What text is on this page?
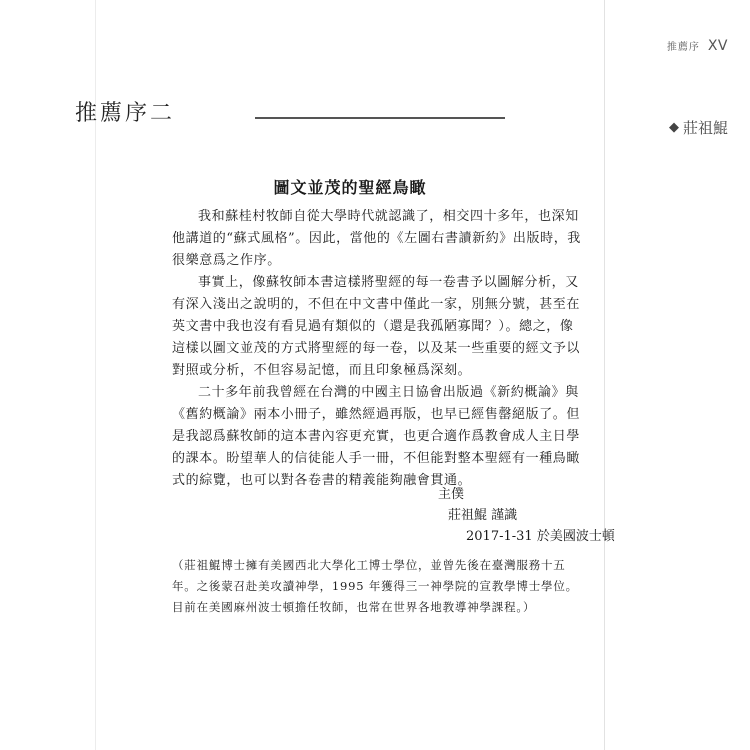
推薦序 XV
推薦序二
◆ 莊祖鯤
圖文並茂的聖經鳥瞰

我和蘇桂村牧師自從大學時代就認識了，相交四十多年，也深知他講道的“蘇式風格”。因此，當他的《左圖右書讀新約》出版時，我很樂意爲之作序。

事實上，像蘇牧師本書這樣將聖經的每一卷書予以圖解分析，又有深入淺出之說明的，不但在中文書中僅此一家，別無分號，甚至在英文書中我也沒有看見過有類似的（還是我孤陋寡聞？）。總之，像這樣以圖文並茂的方式將聖經的每一卷，以及某一些重要的經文予以對照或分析，不但容易記憶，而且印象極爲深刻。

二十多年前我曾經在台灣的中國主日協會出版過《新約概論》與《舊約概論》兩本小冊子，雖然經過再版，也早已經售罄絕版了。但是我認爲蘇牧師的這本書內容更充實，也更合適作爲教會成人主日學的課本。盼望華人的信徒能人手一冊，不但能對整本聖經有一種鳥瞰式的綜覽，也可以對各卷書的精義能夠融會貫通。

主僕
莊祖鯤 謹識
2017-1-31 於美國波士頓
（莊祖鯤博士擁有美國西北大學化工博士學位，並曾先後在臺灣服務十五年。之後蒙召赴美攻讀神學，1995 年獲得三一神學院的宣教學博士學位。目前在美國麻州波士頓擔任牧師，也常在世界各地教導神學課程。）
